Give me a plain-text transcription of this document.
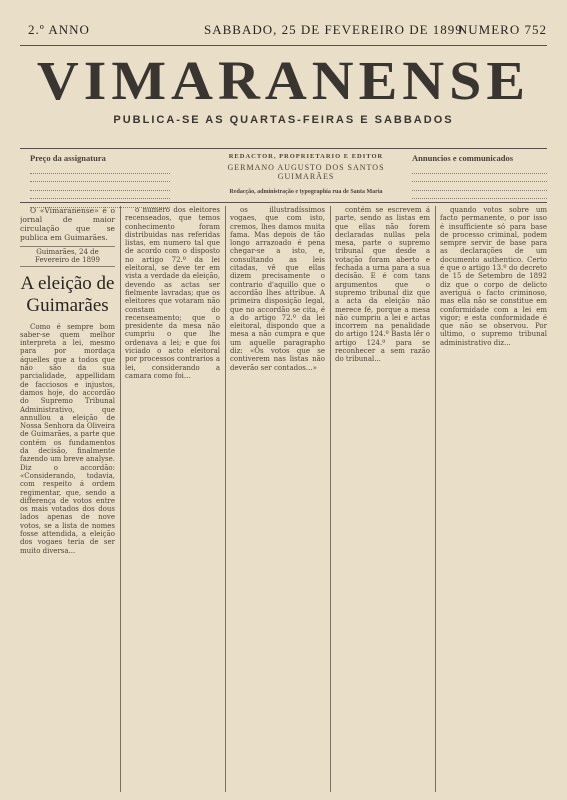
2.º ANNO	SABBADO, 25 DE FEVEREIRO DE 1899
NUMERO 752
VIMARANENSE
PUBLICA-SE AS QUARTAS-FEIRAS E SABBADOS
Preço da assignatura	REDACTOR, PROPRIETARIO E EDITOR
GERMANO AUGUSTO DOS SANTOS GUIMARÃES
Redacção, administração e typographia rua de Santa Maria
Annuncios e communicados
O «Vimaranense» é o jornal de maior circulação que se publica em Guimarães.
Guimarães, 24 de Fevereiro de 1899
A eleição de Guimarães
Como é sempre bom saber-se quem melhor interpreta a lei, mesmo para por mordaça áquelles que a todos que não são da sua parcialidade, appellidam de facciosos e injustos, damos hoje, do accordão do Supremo Tribunal Administrativo, que annullou a eleição de Nossa Senhora da Oliveira de Guimarães, a parte que contém os fundamentos da decisão, finalmente fazendo um breve analyse. Diz o accordão: «Considerando, todavia, com respeito á ordem regimentar, que, sendo a differença de votos entre os mais votados dos dous lados apenas de nove votos, se a lista de nomes fosse attendida, a eleição dos vogaes teria de ser muito diversa...
o numero dos eleitores recenseados, que temos conhecimento foram distribuidas nas referidas listas, em numero tal que de acordo com o disposto no artigo 72.º da lei eleitoral, se deve ter em vista a verdade da eleição, devendo as actas ser fielmente lavradas; que os eleitores que votaram não constam do recenseamento; que o presidente da mesa não cumpriu o que lhe ordenava a lei; e que foi viciado o acto eleitoral por processos contrarios a lei, considerando a camara como foi...
os illustradíssimos vogaes, que com isto, cremos, lhes damos muita fama. Mas depois de tão longo arrazoado é pena chegar-se a isto, e, consultando as leis citadas, vê que ellas dizem precisamente o contrario d'aquillo que o accordão lhes attribue. A primeira disposição legal, que no accordão se cita, é a do artigo 72.º da lei eleitoral, dispondo que a mesa a não cumpra e que um aquelle paragrapho diz: «Os votos que se contiverem nas listas não deverão ser contados...»
contém se escrevem á parte, sendo as listas em que ellas não forem declaradas nullas pela mesa, parte o supremo tribunal que desde a votação foram aberto e fechada a urna para a sua decisão. E é com tans argumentos que o supremo tribunal diz que a acta da eleição não merece fé, porque a mesa não cumpriu a lei e actas incorrem na penalidade do artigo 124.º Basta lêr o artigo 124.º para se reconhecer a sem razão do tribunal...
quando votos sobre um facto permanente, o por isso é insufficiente só para base de processo criminal, podem sempre servir de base para as declarações de um documento authentico. Certo é que o artigo 13.º do decreto de 15 de Setembro de 1892 diz que o corpo de delicto averiguá o facto criminoso, mas ella não se constitue em conformidade com a lei em vigor; e esta conformidade é que não se observou. Por ultimo, o supremo tribunal administrativo diz...
